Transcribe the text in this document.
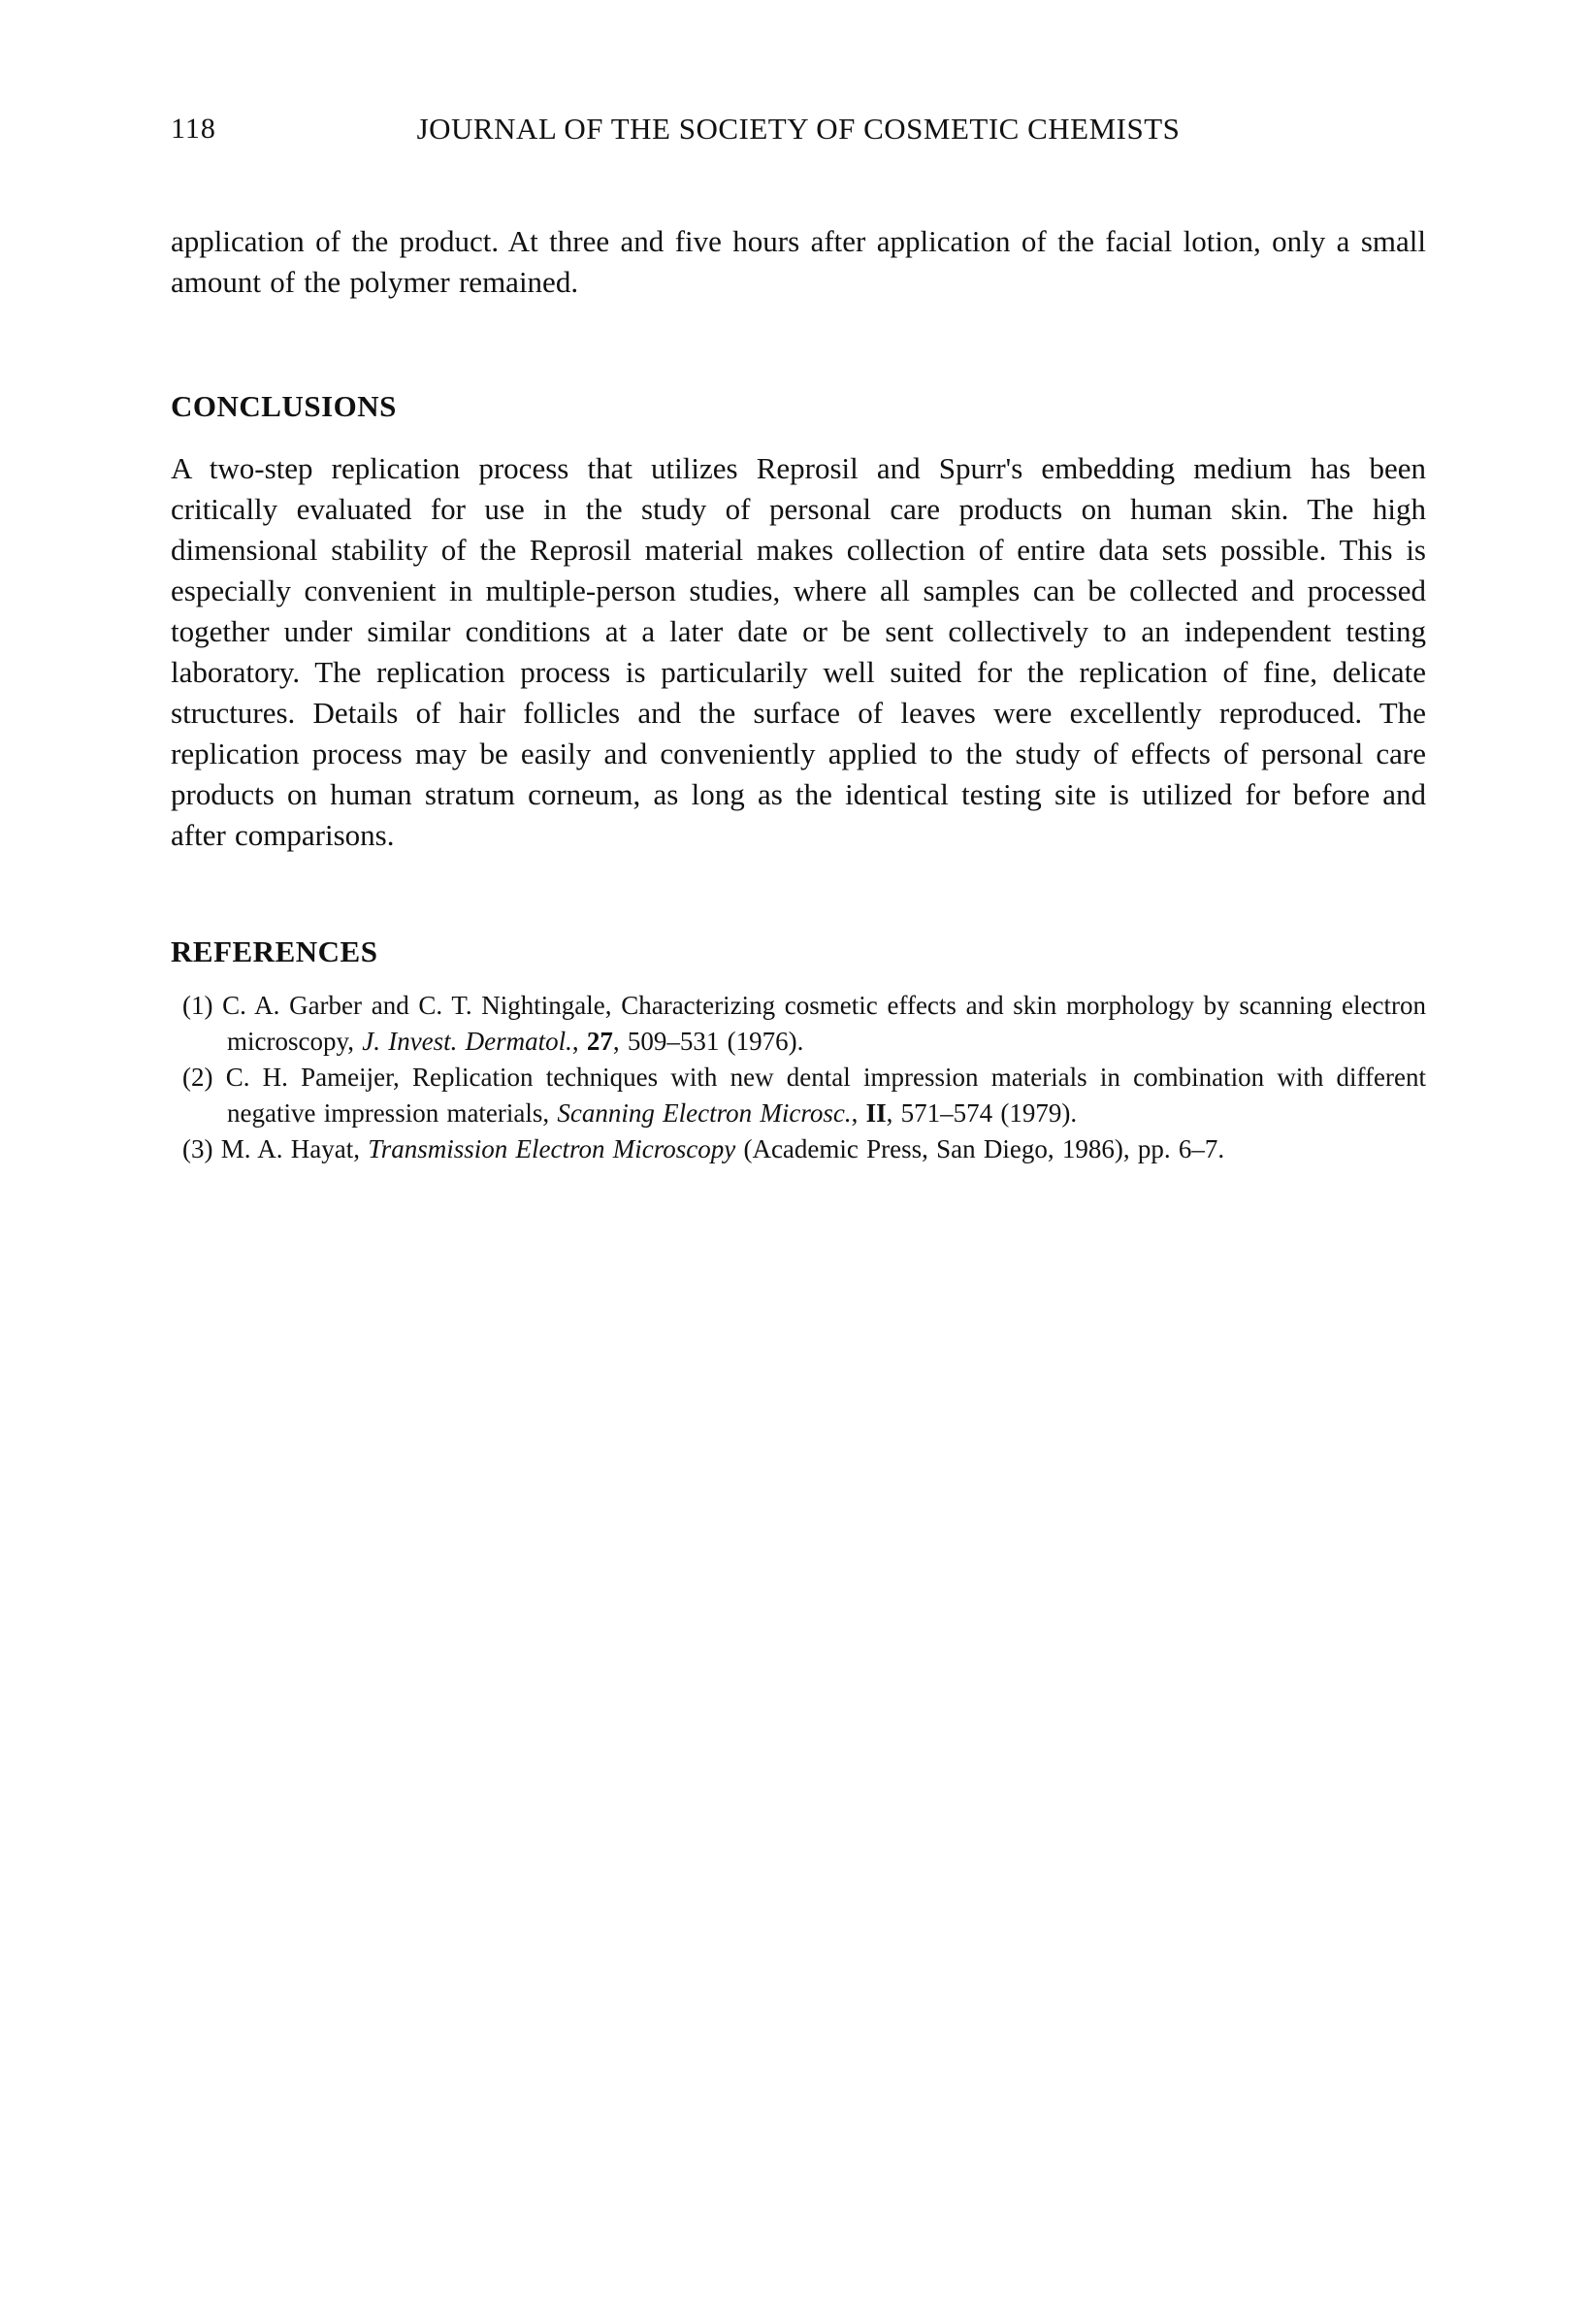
118	JOURNAL OF THE SOCIETY OF COSMETIC CHEMISTS

application of the product. At three and five hours after application of the facial lotion, only a small amount of the polymer remained.

CONCLUSIONS

A two-step replication process that utilizes Reprosil and Spurr's embedding medium has been critically evaluated for use in the study of personal care products on human skin. The high dimensional stability of the Reprosil material makes collection of entire data sets possible. This is especially convenient in multiple-person studies, where all samples can be collected and processed together under similar conditions at a later date or be sent collectively to an independent testing laboratory. The replication process is particularily well suited for the replication of fine, delicate structures. Details of hair follicles and the surface of leaves were excellently reproduced. The replication process may be easily and conveniently applied to the study of effects of personal care products on human stratum corneum, as long as the identical testing site is utilized for before and after comparisons.

REFERENCES
(1) C. A. Garber and C. T. Nightingale, Characterizing cosmetic effects and skin morphology by scanning electron microscopy, J. Invest. Dermatol., 27, 509–531 (1976).
(2) C. H. Pameijer, Replication techniques with new dental impression materials in combination with different negative impression materials, Scanning Electron Microsc., II, 571–574 (1979).
(3) M. A. Hayat, Transmission Electron Microscopy (Academic Press, San Diego, 1986), pp. 6–7.
